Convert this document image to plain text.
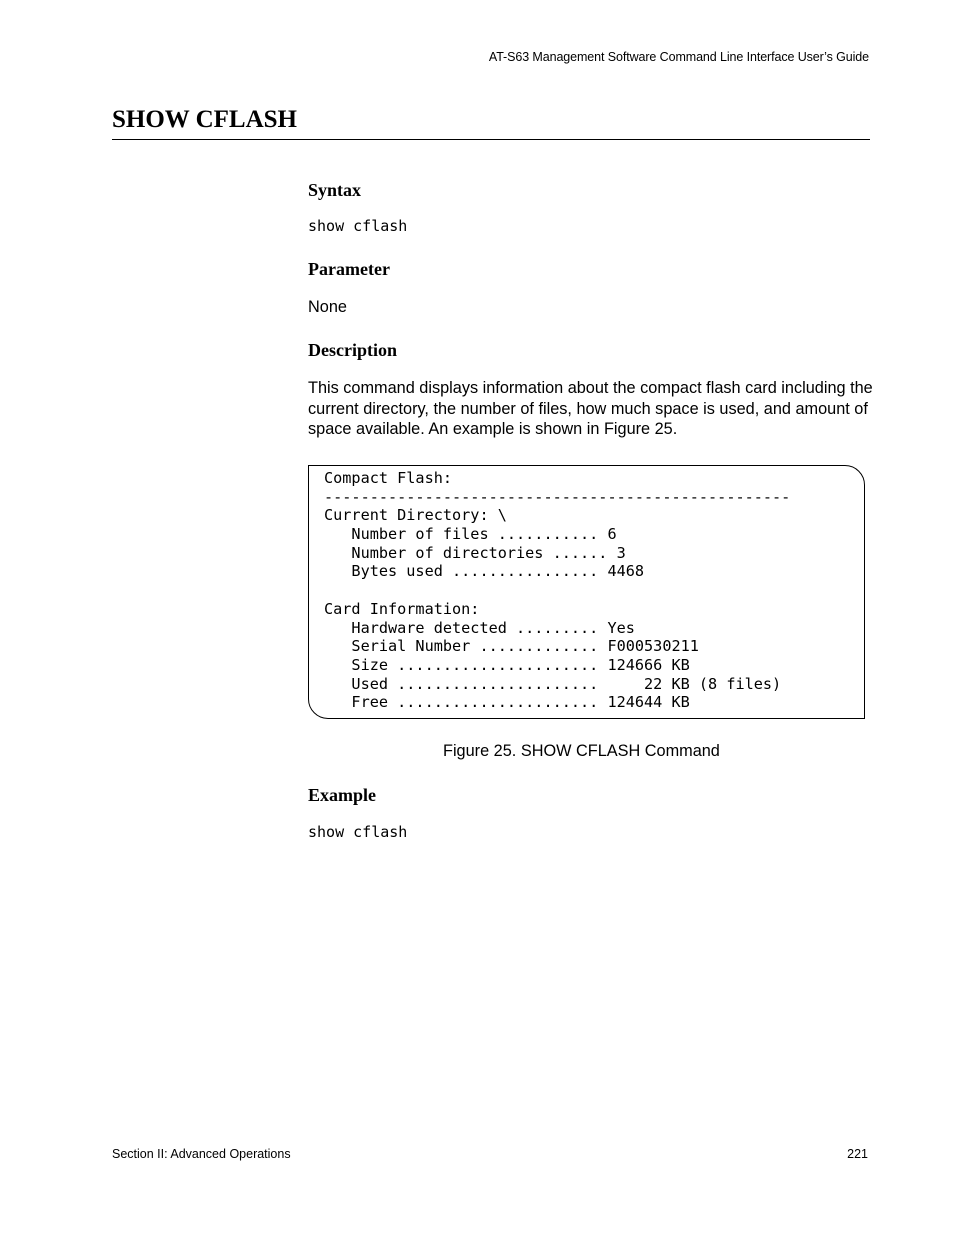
AT-S63 Management Software Command Line Interface User’s Guide
SHOW CFLASH
Syntax
show cflash
Parameter

None

Description

This command displays information about the compact flash card including the current directory, the number of files, how much space is used, and amount of space available. An example is shown in Figure 25.

Compact Flash:
---------------------------------------------------
Current Directory: \
Number of files ........... 6
Number of directories ...... 3
Bytes used ................ 4468
Card Information:
Hardware detected ......... Yes
Serial Number ............. F000530211
Size ...................... 124666 KB
Used ......................     22 KB (8 files)
Free ...................... 124644 KB

Figure 25. SHOW CFLASH Command

Example
show cflash
Section II: Advanced Operations	221
